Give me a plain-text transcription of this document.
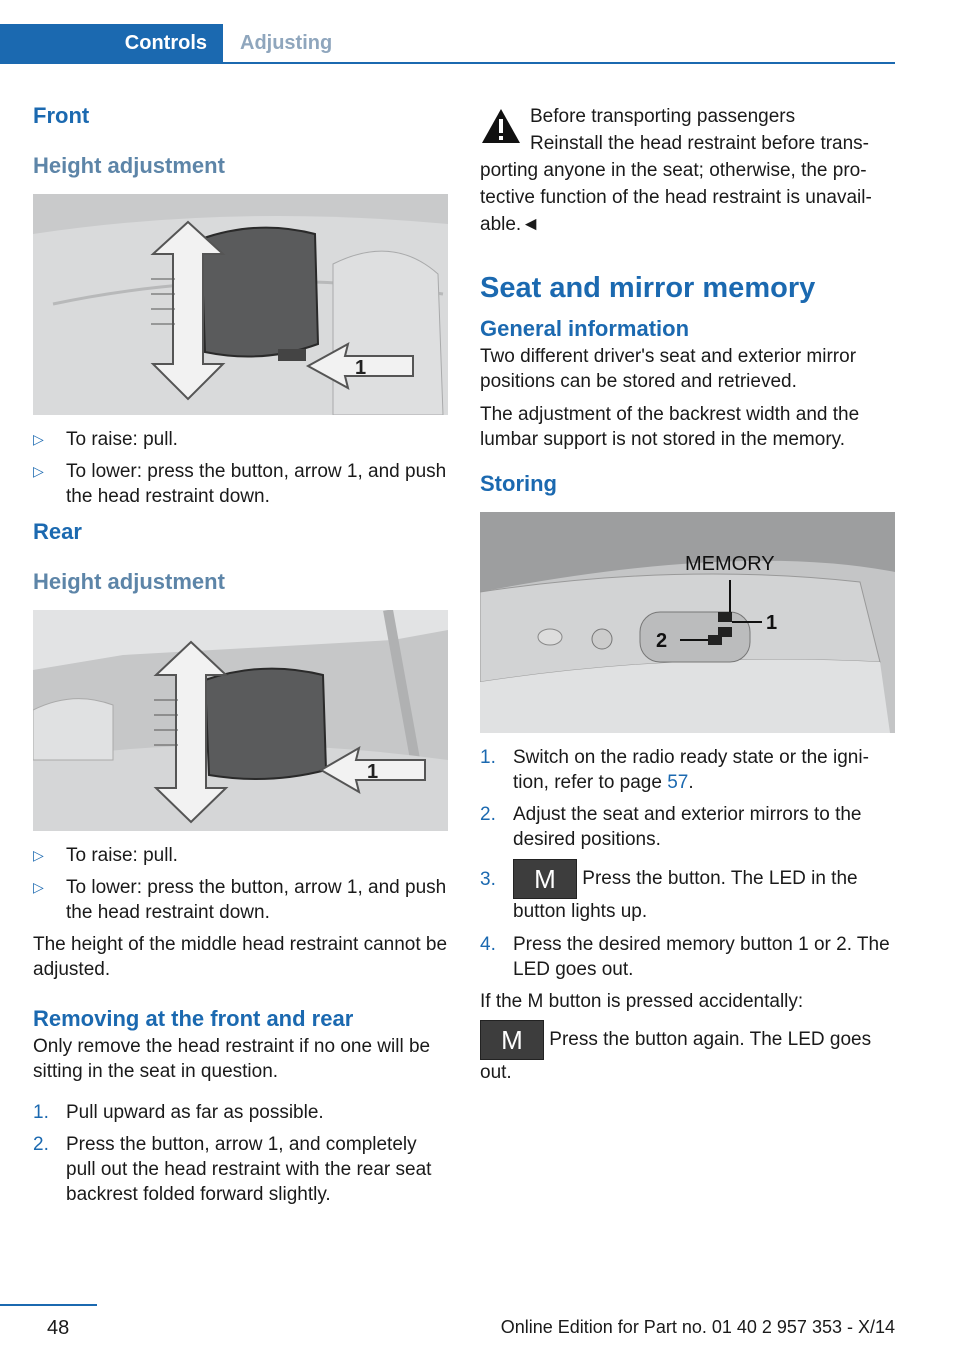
Controls	Adjusting
Front
Height adjustment
1
▷ To raise: pull.
▷ To lower: press the button, arrow 1, and push the head restraint down.
Rear
Height adjustment
1
▷ To raise: pull.
▷ To lower: press the button, arrow 1, and push the head restraint down.

The height of the middle head restraint cannot be adjusted.

Removing at the front and rear

Only remove the head restraint if no one will be sitting in the seat in question.

1. Pull upward as far as possible.
2. Press the button, arrow 1, and completely pull out the head restraint with the rear seat backrest folded forward slightly.
Before transporting passengers
Reinstall the head restraint before trans-

porting anyone in the seat; otherwise, the pro-tective function of the head restraint is unavail-able.◄

Seat and mirror memory
General information

Two different driver's seat and exterior mirror positions can be stored and retrieved.

The adjustment of the backrest width and the lumbar support is not stored in the memory.

Storing
MEMORY
1
2
1. Switch on the radio ready state or the igni-tion, refer to page 57.
2. Adjust the seat and exterior mirrors to the desired positions.
3. M Press the button. The LED in the button lights up.
4. Press the desired memory button 1 or 2. The LED goes out.

If the M button is pressed accidentally:

M Press the button again. The LED goes out.

48	Online Edition for Part no. 01 40 2 957 353 - X/14
